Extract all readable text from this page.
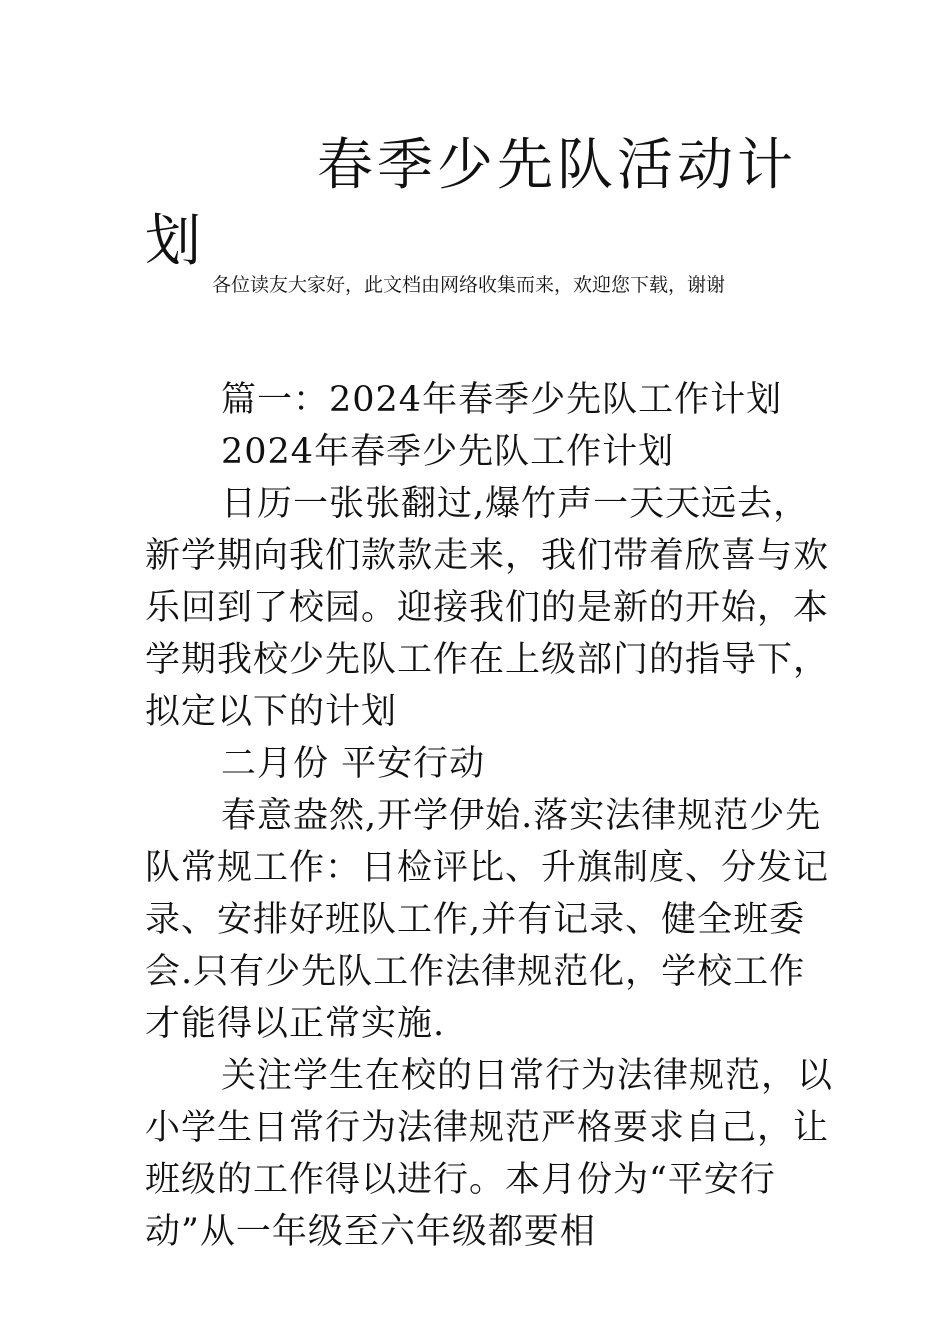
春季少先队活动计划

各位读友大家好，此文档由网络收集而来，欢迎您下载，谢谢

篇一：2024年春季少先队工作计划

2024年春季少先队工作计划

日历一张张翻过,爆竹声一天天远去，新学期向我们款款走来，我们带着欣喜与欢乐回到了校园。迎接我们的是新的开始，本学期我校少先队工作在上级部门的指导下，拟定以下的计划

二月份 平安行动

春意盎然,开学伊始.落实法律规范少先队常规工作：日检评比、升旗制度、分发记录、安排好班队工作,并有记录、健全班委会.只有少先队工作法律规范化，学校工作才能得以正常实施.

关注学生在校的日常行为法律规范，以小学生日常行为法律规范严格要求自己，让班级的工作得以进行。本月份为“平安行动”从一年级至六年级都要相
